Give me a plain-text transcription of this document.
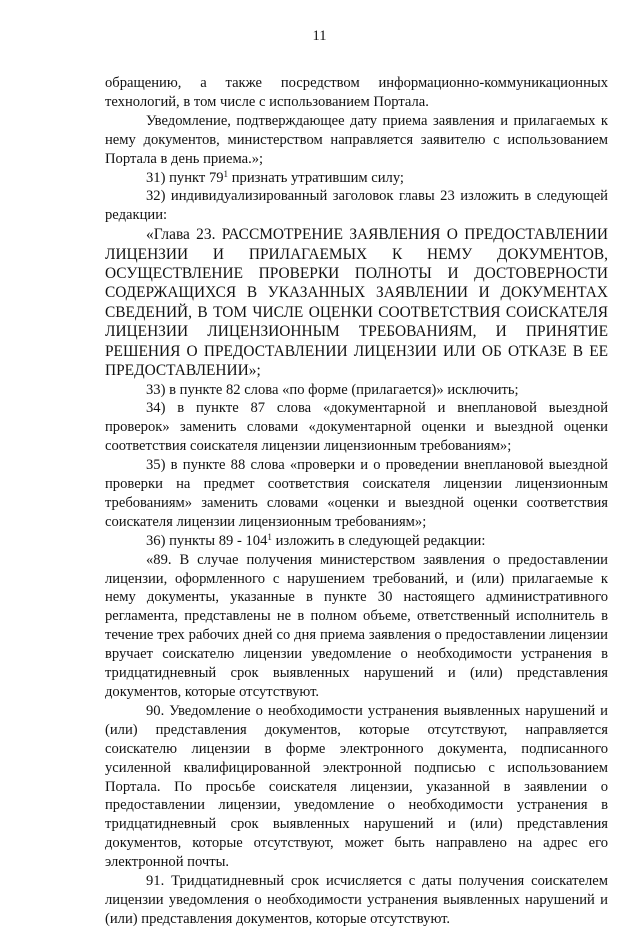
11

обращению, а также посредством информационно-коммуникационных технологий, в том числе с использованием Портала.

Уведомление, подтверждающее дату приема заявления и прилагаемых к нему документов, министерством направляется заявителю с использованием Портала в день приема.»;

31) пункт $79^1$ признать утратившим силу;

32) индивидуализированный заголовок главы 23 изложить в следующей редакции:

«Глава 23. РАССМОТРЕНИЕ ЗАЯВЛЕНИЯ О ПРЕДОСТАВЛЕНИИ ЛИЦЕНЗИИ И ПРИЛАГАЕМЫХ К НЕМУ ДОКУМЕНТОВ, ОСУЩЕСТВЛЕНИЕ ПРОВЕРКИ ПОЛНОТЫ И ДОСТОВЕРНОСТИ СОДЕРЖАЩИХСЯ В УКАЗАННЫХ ЗАЯВЛЕНИИ И ДОКУМЕНТАХ СВЕДЕНИЙ, В ТОМ ЧИСЛЕ ОЦЕНКИ СООТВЕТСТВИЯ СОИСКАТЕЛЯ ЛИЦЕНЗИИ ЛИЦЕНЗИОННЫМ ТРЕБОВАНИЯМ, И ПРИНЯТИЕ РЕШЕНИЯ О ПРЕДОСТАВЛЕНИИ ЛИЦЕНЗИИ ИЛИ ОБ ОТКАЗЕ В ЕЕ ПРЕДОСТАВЛЕНИИ»;

33) в пункте 82 слова «по форме (прилагается)» исключить;

34) в пункте 87 слова «документарной и внеплановой выездной проверок» заменить словами «документарной оценки и выездной оценки соответствия соискателя лицензии лицензионным требованиям»;

35) в пункте 88 слова «проверки и о проведении внеплановой выездной проверки на предмет соответствия соискателя лицензии лицензионным требованиям» заменить словами «оценки и выездной оценки соответствия соискателя лицензии лицензионным требованиям»;

36) пункты $89 - 104^1$ изложить в следующей редакции:

«89. В случае получения министерством заявления о предоставлении лицензии, оформленного с нарушением требований, и (или) прилагаемые к нему документы, указанные в пункте 30 настоящего административного регламента, представлены не в полном объеме, ответственный исполнитель в течение трех рабочих дней со дня приема заявления о предоставлении лицензии вручает соискателю лицензии уведомление о необходимости устранения в тридцатидневный срок выявленных нарушений и (или) представления документов, которые отсутствуют.

90. Уведомление о необходимости устранения выявленных нарушений и (или) представления документов, которые отсутствуют, направляется соискателю лицензии в форме электронного документа, подписанного усиленной квалифицированной электронной подписью с использованием Портала. По просьбе соискателя лицензии, указанной в заявлении о предоставлении лицензии, уведомление о необходимости устранения в тридцатидневный срок выявленных нарушений и (или) представления документов, которые отсутствуют, может быть направлено на адрес его электронной почты.

91. Тридцатидневный срок исчисляется с даты получения соискателем лицензии уведомления о необходимости устранения выявленных нарушений и (или) представления документов, которые отсутствуют.
